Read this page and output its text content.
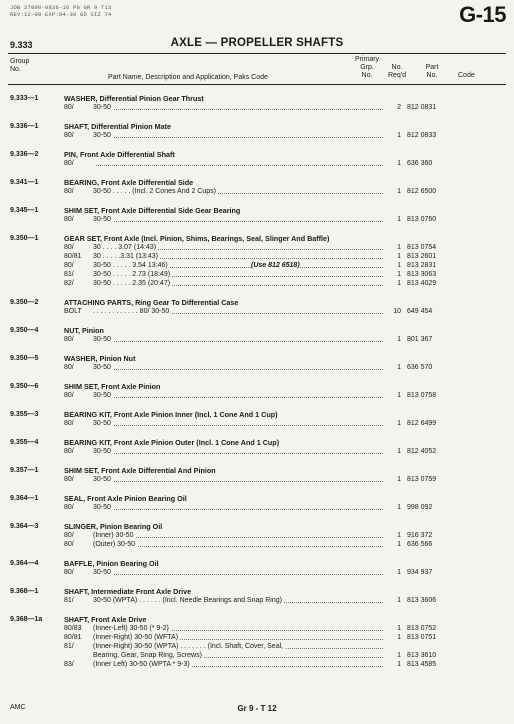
JOB 27000-0836-16 PG GR 9 T13
REV:12-09 EXP:04-30 GD SIZ 74	G-15
9.333	AXLE — PROPELLER SHAFTS
Group
No.
Part Name, Description and Application, Paks Code
Primary
Grp.
No.
No.
Req'd
Part
No.	Code
9.333—1	WASHER, Differential Pinion Gear Thrust
80/	30-50	2 812 0831
9.336—1	SHAFT, Differential Pinion Mate
80/	30-50	1 812 0833
9.336—2	PIN, Front Axle Differential Shaft
80/	1 636 360
9.341—1	BEARING, Front Axle Differential Side
80/	30-50 . . . . . (Incl. 2 Cones And 2 Cups)	1 812 6500
9.345—1	SHIM SET, Front Axle Differential Side Gear Bearing
80/	30-50	1 813 0760
9.350—1	GEAR SET, Front Axle (Incl. Pinion, Shims, Bearings, Seal, Slinger And Baffle)
80/	30 . . . . 3.07 (14:43)	1 813 0754
80/81 30 . . . . .3.31 (13:43)	1 813 2601
80/	30-50 . . . . . 3.54 13:46)	(Use 812 6518)	1 813 2831
81/	30-50 . . . . . 2.73 (18:49)	1 813 3063
82/	30-50 . . . . . 2.35 (20:47)	1 813 4029
9.350—2	ATTACHING PARTS, Ring Gear To Differential Case
BOLT . . . . . . . . . . . . 80/ 30-50	10 649 454
9.350—4	NUT, Pinion
80/	30-50	1 801 367
9.350—5	WASHER, Pinion Nut
80/	30-50	1 636 570
9.350—6	SHIM SET, Front Axle Pinion
80/	30-50	1 813 0758
9.355—3	BEARING KIT, Front Axle Pinion Inner (Incl. 1 Cone And 1 Cup)
80/	30-50	1 812 6499
9.355—4	BEARING KIT, Front Axle Pinion Outer (Incl. 1 Cone And 1 Cup)
80/	30-50	1 812 4052
9.357—1	SHIM SET, Front Axle Differential And Pinion
80/	30-50	1 813 0759
9.364—1	SEAL, Front Axle Pinion Bearing Oil
80/	30-50	1 998 092
9.364—3	SLINGER, Pinion Bearing Oil
80/	(Inner) 30-50	1 916 372
80/	(Outer) 30-50	1 636 566
9.364—4	BAFFLE, Pinion Bearing Oil
80/	30-50	1 934 937
9.368—1	SHAFT, Intermediate Front Axle Drive
81/	30-50 (WPTA) . . . . . . (Incl. Needle Bearings and Snap Ring)	1 813 3606
9.368—1a	SHAFT, Front Axle Drive
80/83 (Inner-Left) 30-50 (* 9-2)	1 813 0752
80/81 (Inner-Right) 30-50 (WFTA)	1 813 0751
81/	(Inner-Right) 30-50 (WPTA) . . . . . . . (Incl. Shaft, Cover, Seal,
Bearing, Gear, Snap Ring, Screws)	1 813 3610
83/	(Inner Left) 30-50 (WPTA * 9-3)	1 813 4585
AMC	Gr 9 - T 12
